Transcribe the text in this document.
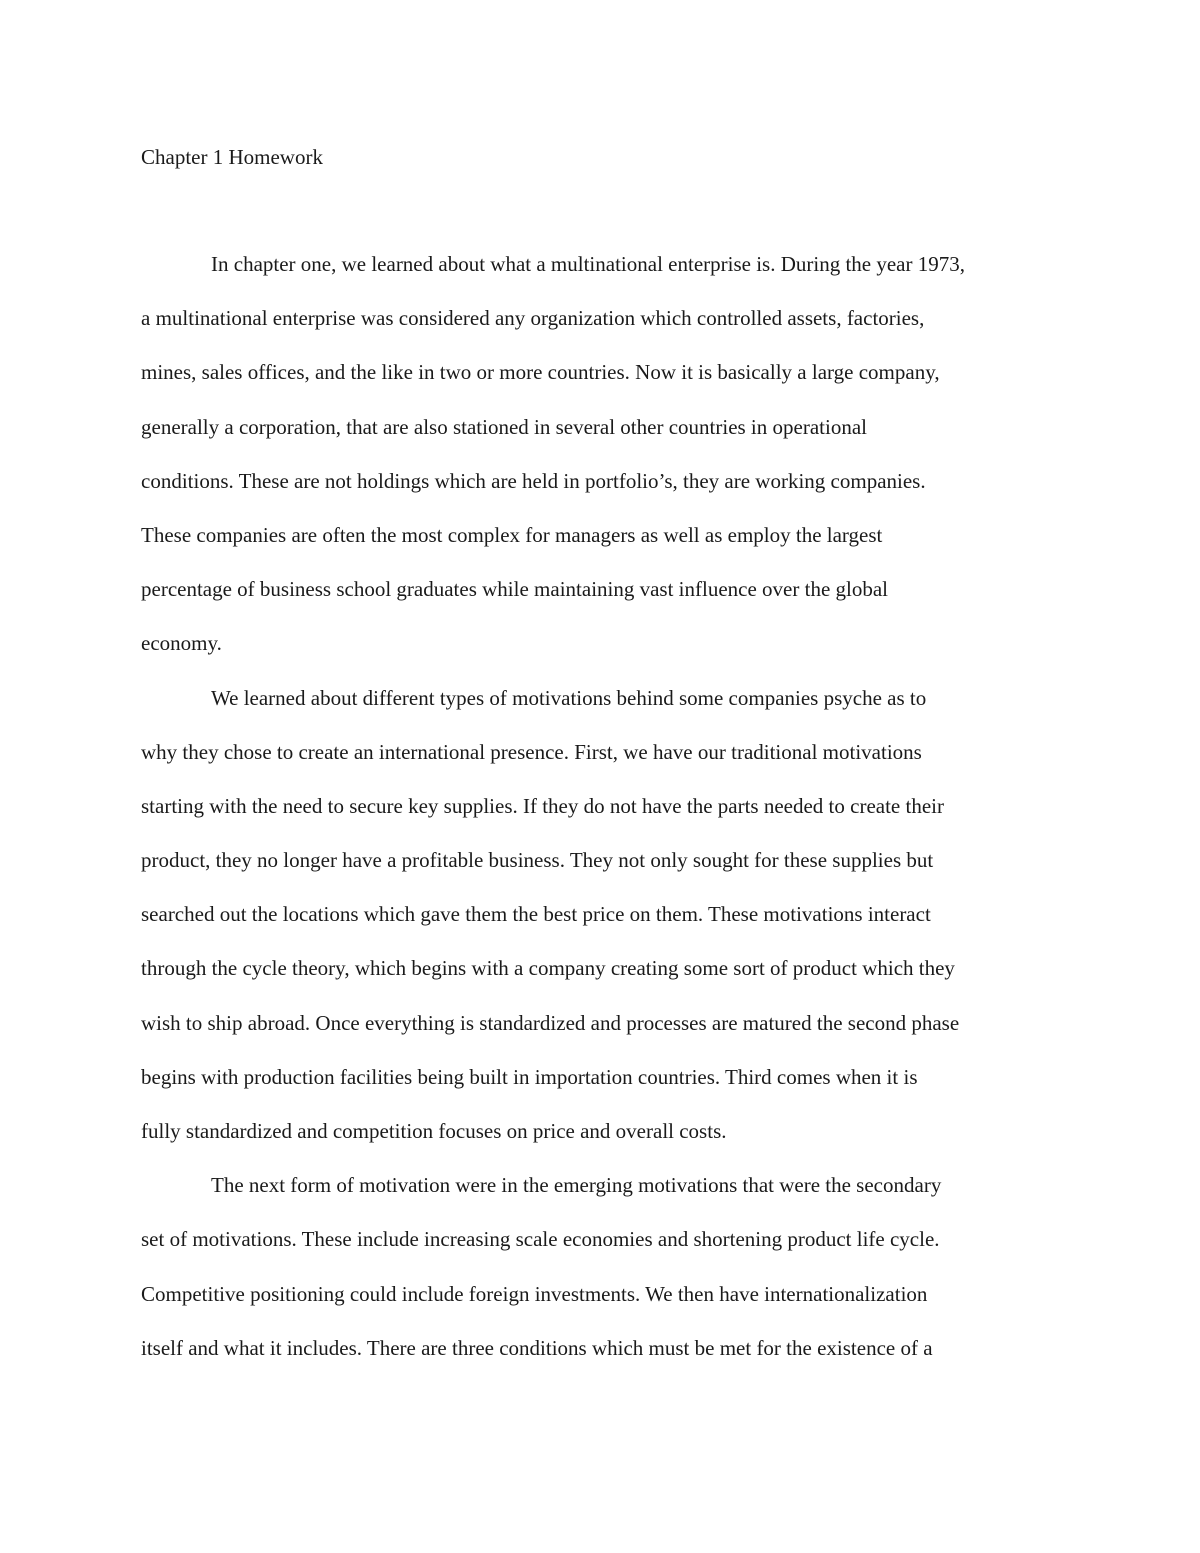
Chapter 1 Homework
In chapter one, we learned about what a multinational enterprise is. During the year 1973,
a multinational enterprise was considered any organization which controlled assets, factories,
mines, sales offices, and the like in two or more countries. Now it is basically a large company,
generally a corporation, that are also stationed in several other countries in operational
conditions. These are not holdings which are held in portfolio’s, they are working companies.
These companies are often the most complex for managers as well as employ the largest
percentage of business school graduates while maintaining vast influence over the global
economy.
We learned about different types of motivations behind some companies psyche as to
why they chose to create an international presence. First, we have our traditional motivations
starting with the need to secure key supplies. If they do not have the parts needed to create their
product, they no longer have a profitable business. They not only sought for these supplies but
searched out the locations which gave them the best price on them. These motivations interact
through the cycle theory, which begins with a company creating some sort of product which they
wish to ship abroad. Once everything is standardized and processes are matured the second phase
begins with production facilities being built in importation countries. Third comes when it is
fully standardized and competition focuses on price and overall costs.
The next form of motivation were in the emerging motivations that were the secondary
set of motivations. These include increasing scale economies and shortening product life cycle.
Competitive positioning could include foreign investments. We then have internationalization
itself and what it includes. There are three conditions which must be met for the existence of a
